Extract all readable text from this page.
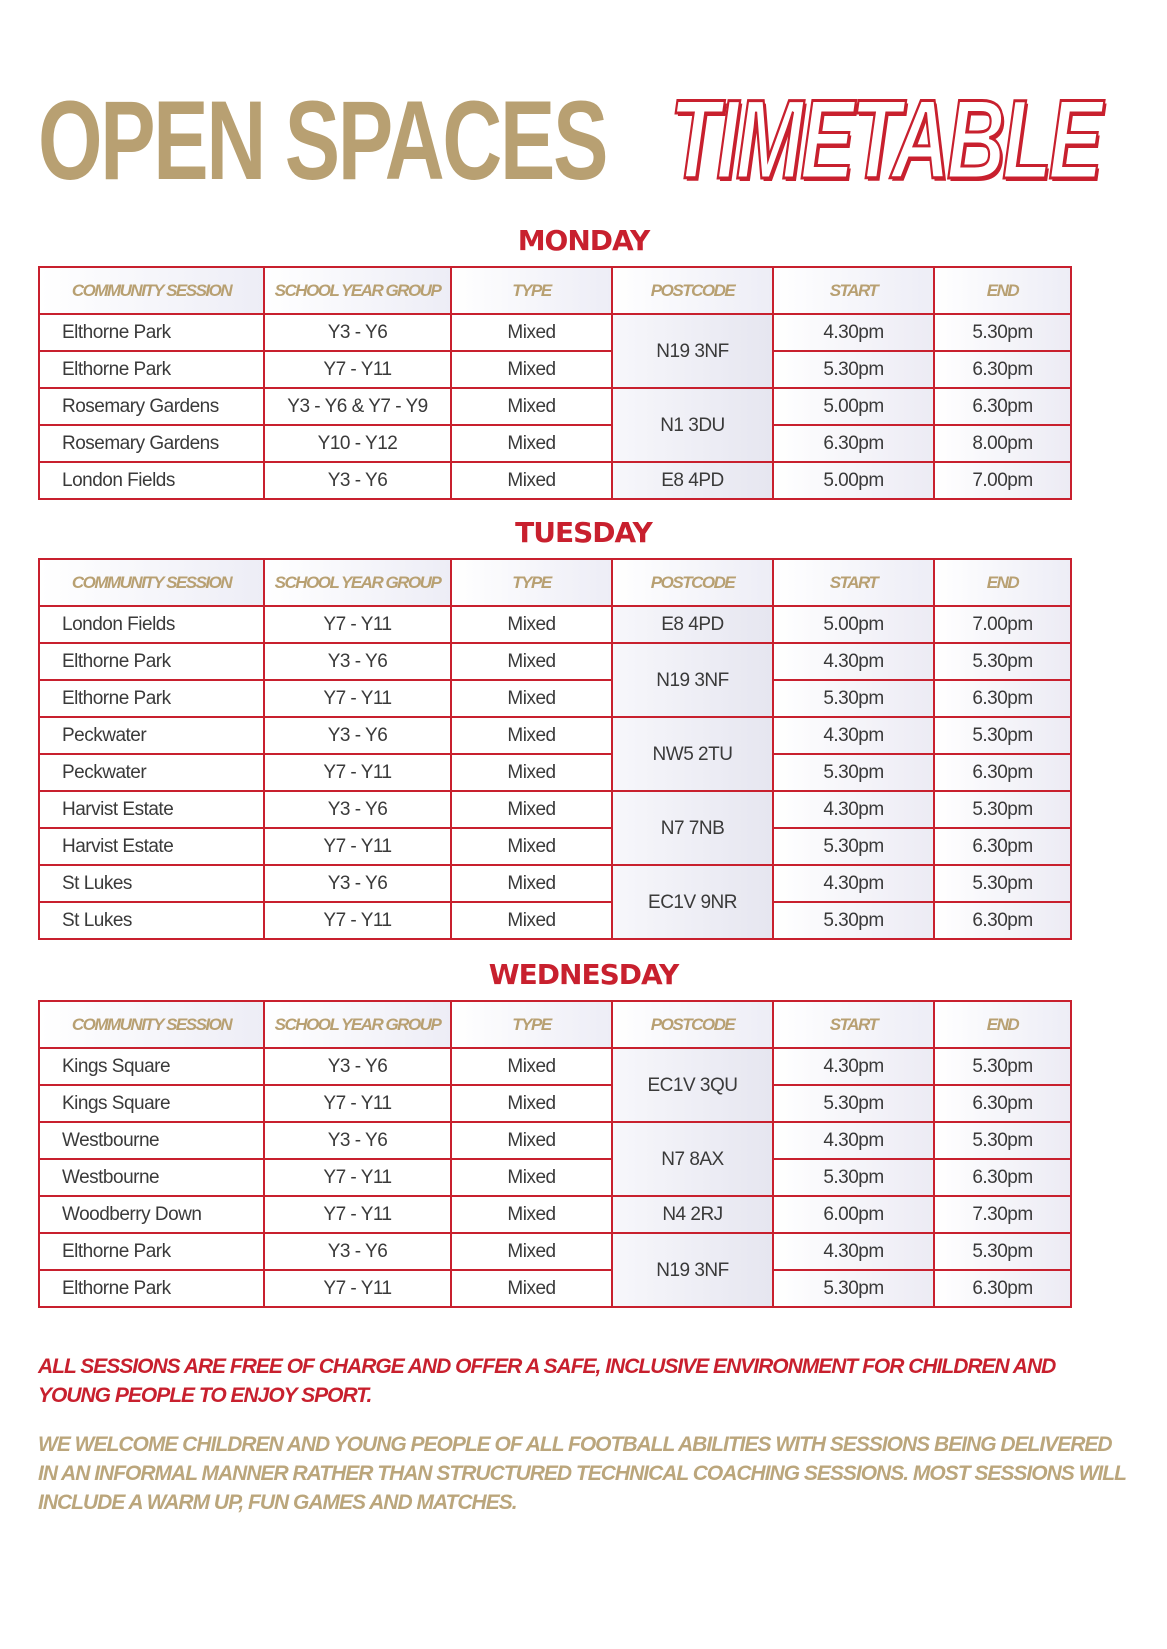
OPEN SPACES TIMETABLE
MONDAY
COMMUNITY SESSION	SCHOOL YEAR GROUP	TYPE	POSTCODE	START	END
Elthorne Park	Y3 - Y6	Mixed	N19 3NF	4.30pm	5.30pm
Elthorne Park	Y7 - Y11	Mixed		5.30pm	6.30pm
Rosemary Gardens	Y3 - Y6 & Y7 - Y9	Mixed	N1 3DU	5.00pm	6.30pm
Rosemary Gardens	Y10 - Y12	Mixed		6.30pm	8.00pm
London Fields	Y3 - Y6	Mixed	E8 4PD	5.00pm	7.00pm
TUESDAY
COMMUNITY SESSION	SCHOOL YEAR GROUP	TYPE	POSTCODE	START	END
London Fields	Y7 - Y11	Mixed	E8 4PD	5.00pm	7.00pm
Elthorne Park	Y3 - Y6	Mixed	N19 3NF	4.30pm	5.30pm
Elthorne Park	Y7 - Y11	Mixed		5.30pm	6.30pm
Peckwater	Y3 - Y6	Mixed	NW5 2TU	4.30pm	5.30pm
Peckwater	Y7 - Y11	Mixed		5.30pm	6.30pm
Harvist Estate	Y3 - Y6	Mixed	N7 7NB	4.30pm	5.30pm
Harvist Estate	Y7 - Y11	Mixed		5.30pm	6.30pm
St Lukes	Y3 - Y6	Mixed	EC1V 9NR	4.30pm	5.30pm
St Lukes	Y7 - Y11	Mixed		5.30pm	6.30pm
WEDNESDAY
COMMUNITY SESSION	SCHOOL YEAR GROUP	TYPE	POSTCODE	START	END
Kings Square	Y3 - Y6	Mixed	EC1V 3QU	4.30pm	5.30pm
Kings Square	Y7 - Y11	Mixed		5.30pm	6.30pm
Westbourne	Y3 - Y6	Mixed	N7 8AX	4.30pm	5.30pm
Westbourne	Y7 - Y11	Mixed		5.30pm	6.30pm
Woodberry Down	Y7 - Y11	Mixed	N4 2RJ	6.00pm	7.30pm
Elthorne Park	Y3 - Y6	Mixed	N19 3NF	4.30pm	5.30pm
Elthorne Park	Y7 - Y11	Mixed		5.30pm	6.30pm
ALL SESSIONS ARE FREE OF CHARGE AND OFFER A SAFE, INCLUSIVE ENVIRONMENT FOR CHILDREN AND YOUNG PEOPLE TO ENJOY SPORT.
WE WELCOME CHILDREN AND YOUNG PEOPLE OF ALL FOOTBALL ABILITIES WITH SESSIONS BEING DELIVERED IN AN INFORMAL MANNER RATHER THAN STRUCTURED TECHNICAL COACHING SESSIONS. MOST SESSIONS WILL INCLUDE A WARM UP, FUN GAMES AND MATCHES.
